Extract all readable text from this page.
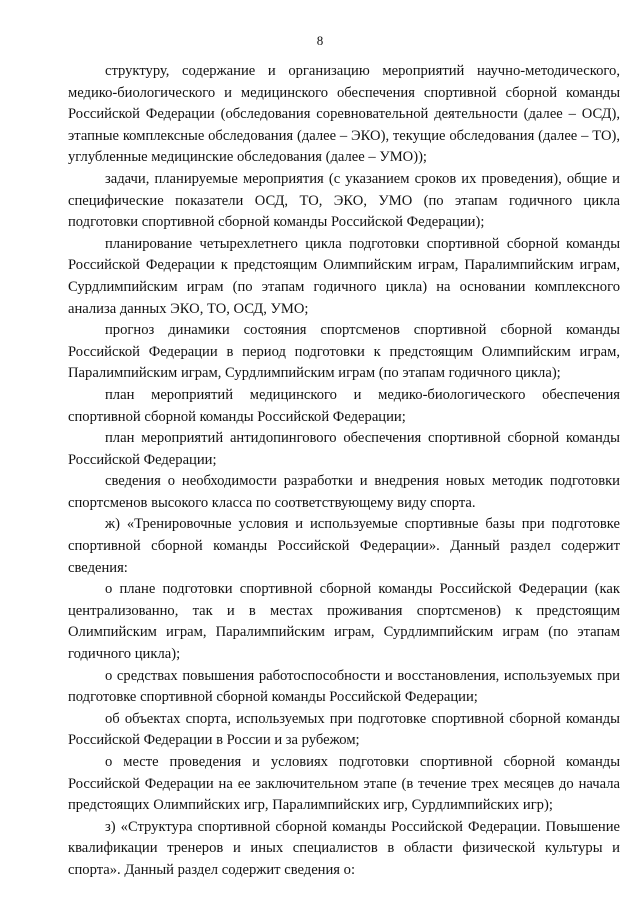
8

структуру, содержание и организацию мероприятий научно-методического, медико-биологического и медицинского обеспечения спортивной сборной команды Российской Федерации (обследования соревновательной деятельности (далее – ОСД), этапные комплексные обследования (далее – ЭКО), текущие обследования (далее – ТО), углубленные медицинские обследования (далее – УМО));

задачи, планируемые мероприятия (с указанием сроков их проведения), общие и специфические показатели ОСД, ТО, ЭКО, УМО (по этапам годичного цикла подготовки спортивной сборной команды Российской Федерации);

планирование четырехлетнего цикла подготовки спортивной сборной команды Российской Федерации к предстоящим Олимпийским играм, Паралимпийским играм, Сурдлимпийским играм (по этапам годичного цикла) на основании комплексного анализа данных ЭКО, ТО, ОСД, УМО;

прогноз динамики состояния спортсменов спортивной сборной команды Российской Федерации в период подготовки к предстоящим Олимпийским играм, Паралимпийским играм, Сурдлимпийским играм (по этапам годичного цикла);

план мероприятий медицинского и медико-биологического обеспечения спортивной сборной команды Российской Федерации;

план мероприятий антидопингового обеспечения спортивной сборной команды Российской Федерации;

сведения о необходимости разработки и внедрения новых методик подготовки спортсменов высокого класса по соответствующему виду спорта.

ж) «Тренировочные условия и используемые спортивные базы при подготовке спортивной сборной команды Российской Федерации». Данный раздел содержит сведения:

о плане подготовки спортивной сборной команды Российской Федерации (как централизованно, так и в местах проживания спортсменов) к предстоящим Олимпийским играм, Паралимпийским играм, Сурдлимпийским играм (по этапам годичного цикла);

о средствах повышения работоспособности и восстановления, используемых при подготовке спортивной сборной команды Российской Федерации;

об объектах спорта, используемых при подготовке спортивной сборной команды Российской Федерации в России и за рубежом;

о месте проведения и условиях подготовки спортивной сборной команды Российской Федерации на ее заключительном этапе (в течение трех месяцев до начала предстоящих Олимпийских игр, Паралимпийских игр, Сурдлимпийских игр);

з) «Структура спортивной сборной команды Российской Федерации. Повышение квалификации тренеров и иных специалистов в области физической культуры и спорта». Данный раздел содержит сведения о:
